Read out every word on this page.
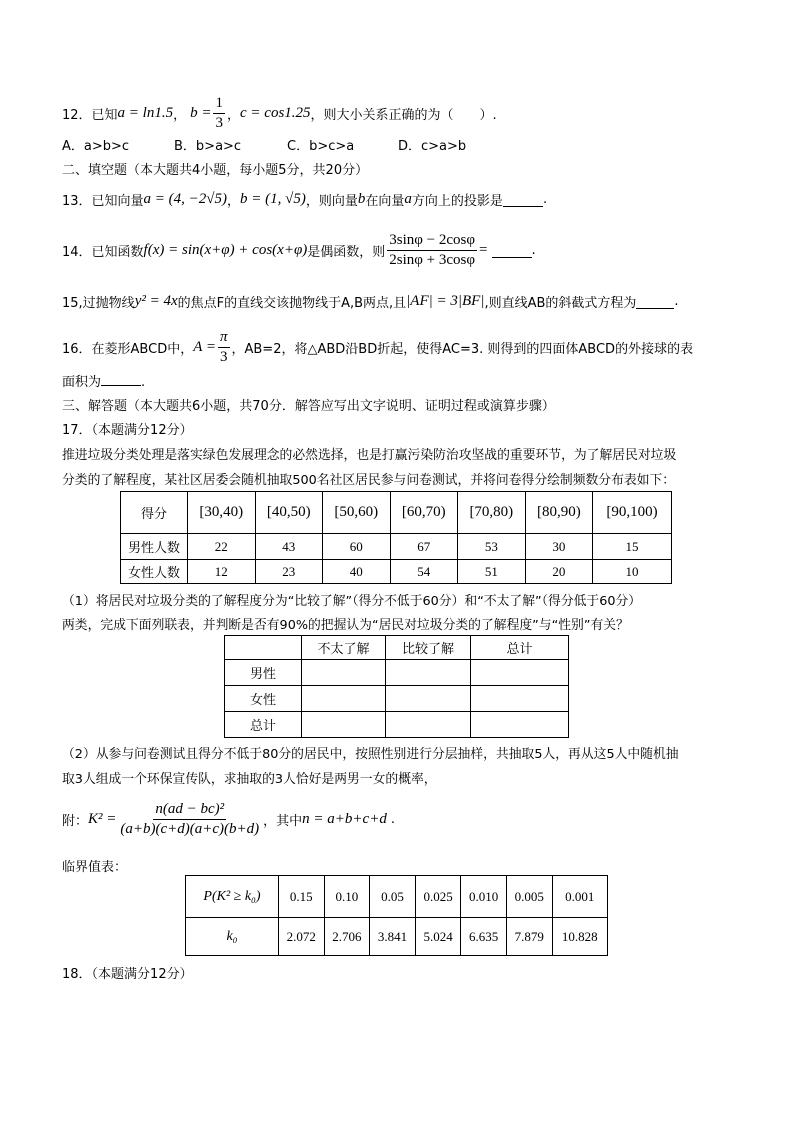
12．已知 a = ln1.5 ， $b = \frac{1}{3}$ ， c = cos1.25 ，则大小关系正确的为（　　）.
A．a>b>c	B．b>a>c	C．b>c>a	D．c>a>b
二、填空题（本大题共4小题，每小题5分，共20分）
13．已知向量 a = (4, −2√5) ， b = (1, √5) ，则向量 b 在向量 a 方向上的投影是	.
14．已知函数 f(x) = sin(x+φ) + cos(x+φ) 是偶函数，则 $\frac{3\sin\varphi - 2\cos\varphi}{2\sin\varphi + 3\cos\varphi}$ =	.
15,过抛物线 y² = 4x 的焦点F的直线交该抛物线于A,B两点,且 |AF| = 3|BF| ,则直线AB的斜截式方程为	.
16．在菱形ABCD中， $A = \frac{\pi}{3}$ ，AB=2，将△ABD沿BD折起，使得AC=3. 则得到的四面体ABCD的外接球的表
面积为	.
三、解答题（本大题共6小题，共70分．解答应写出文字说明、证明过程或演算步骤）
17．（本题满分12分）
推进垃圾分类处理是落实绿色发展理念的必然选择，也是打赢污染防治攻坚战的重要环节，为了解居民对垃圾
分类的了解程度，某社区居委会随机抽取500名社区居民参与问卷测试，并将问卷得分绘制频数分布表如下：
得分	[30,40)	[40,50)	[50,60)	[60,70)	[70,80)	[80,90)	[90,100)
男性人数	22	43	60	67	53	30	15
女性人数	12	23	40	54	51	20	10
（1）将居民对垃圾分类的了解程度分为“比较了解”（得分不低于60分）和“不太了解”（得分低于60分）
两类，完成下面列联表，并判断是否有90%的把握认为“居民对垃圾分类的了解程度”与“性别”有关？
	不太了解	比较了解	总计
男性			
女性			
总计			
（2）从参与问卷测试且得分不低于80分的居民中，按照性别进行分层抽样，共抽取5人，再从这5人中随机抽
取3人组成一个环保宣传队，求抽取的3人恰好是两男一女的概率，
附： $K^2 = \frac{\text{n(ad − bc)²}}{(a+b)(c+d)(a+c)(b+d)}$ ，其中 n = a+b+c+d .
临界值表：
P(K² ≥ k₀)	0.15	0.10	0.05	0.025	0.010	0.005	0.001
k₀	2.072	2.706	3.841	5.024	6.635	7.879	10.828
18．（本题满分12分）
